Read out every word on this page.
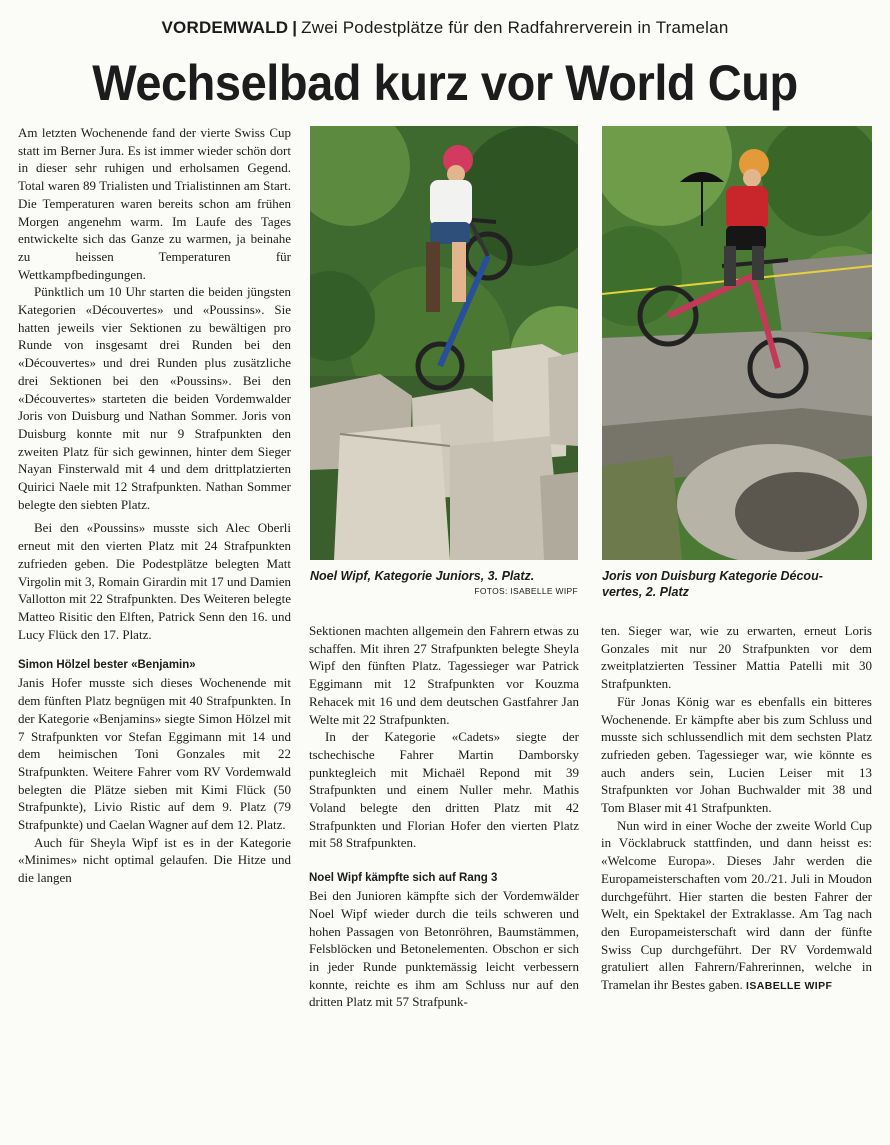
VORDEMWALD | Zwei Podestplätze für den Radfahrerverein in Tramelan
Wechselbad kurz vor World Cup
Noel Wipf, Kategorie Juniors, 3. Platz.
FOTOS: ISABELLE WIPF
Joris von Duisburg Kategorie Décou-
vertes, 2. Platz

Am letzten Wochenende fand der vierte Swiss Cup statt im Berner Jura. Es ist immer wieder schön dort in dieser sehr ruhigen und erholsamen Gegend. Total waren 89 Trialisten und Trialistinnen am Start. Die Temperaturen waren bereits schon am frühen Morgen angenehm warm. Im Laufe des Tages entwickelte sich das Ganze zu warmen, ja beinahe zu heissen Temperaturen für Wettkampfbedingungen.

Pünktlich um 10 Uhr starten die beiden jüngsten Kategorien «Découvertes» und «Poussins». Sie hatten jeweils vier Sektionen zu bewältigen pro Runde von insgesamt drei Runden bei den «Découvertes» und drei Runden plus zusätzliche drei Sektionen bei den «Poussins». Bei den «Découvertes» starteten die beiden Vordemwalder Joris von Duisburg und Nathan Sommer. Joris von Duisburg konnte mit nur 9 Strafpunkten den zweiten Platz für sich gewinnen, hinter dem Sieger Nayan Finsterwald mit 4 und dem drittplatzierten Quirici Naele mit 12 Strafpunkten. Nathan Sommer belegte den siebten Platz.

Bei den «Poussins» musste sich Alec Oberli erneut mit den vierten Platz mit 24 Strafpunkten zufrieden geben. Die Podestplätze belegten Matt Virgolin mit 3, Romain Girardin mit 17 und Damien Vallotton mit 22 Strafpunkten. Des Weiteren belegte Matteo Risitic den Elften, Patrick Senn den 16. und Lucy Flück den 17. Platz.

Simon Hölzel bester «Benjamin»

Janis Hofer musste sich dieses Wochenende mit dem fünften Platz begnügen mit 40 Strafpunkten. In der Kategorie «Benjamins» siegte Simon Hölzel mit 7 Strafpunkten vor Stefan Eggimann mit 14 und dem heimischen Toni Gonzales mit 22 Strafpunkten. Weitere Fahrer vom RV Vordemwald belegten die Plätze sieben mit Kimi Flück (50 Strafpunkte), Livio Ristic auf dem 9. Platz (79 Strafpunkte) und Caelan Wagner auf dem 12. Platz.

Auch für Sheyla Wipf ist es in der Kategorie «Minimes» nicht optimal gelaufen. Die Hitze und die langen

Sektionen machten allgemein den Fahrern etwas zu schaffen. Mit ihren 27 Strafpunkten belegte Sheyla Wipf den fünften Platz. Tagessieger war Patrick Eggimann mit 12 Strafpunkten vor Kouzma Rehacek mit 16 und dem deutschen Gastfahrer Jan Welte mit 22 Strafpunkten.

In der Kategorie «Cadets» siegte der tschechische Fahrer Martin Damborsky punktegleich mit Michaël Repond mit 39 Strafpunkten und einem Nuller mehr. Mathis Voland belegte den dritten Platz mit 42 Strafpunkten und Florian Hofer den vierten Platz mit 58 Strafpunkten.

Noel Wipf kämpfte sich auf Rang 3

Bei den Junioren kämpfte sich der Vordemwälder Noel Wipf wieder durch die teils schweren und hohen Passagen von Betonröhren, Baumstämmen, Felsblöcken und Betonelementen. Obschon er sich in jeder Runde punktemässig leicht verbessern konnte, reichte es ihm am Schluss nur auf den dritten Platz mit 57 Strafpunk-

ten. Sieger war, wie zu erwarten, erneut Loris Gonzales mit nur 20 Strafpunkten vor dem zweitplatzierten Tessiner Mattia Patelli mit 30 Strafpunkten.

Für Jonas König war es ebenfalls ein bitteres Wochenende. Er kämpfte aber bis zum Schluss und musste sich schlussendlich mit dem sechsten Platz zufrieden geben. Tagessieger war, wie könnte es auch anders sein, Lucien Leiser mit 13 Strafpunkten vor Johan Buchwalder mit 38 und Tom Blaser mit 41 Strafpunkten.

Nun wird in einer Woche der zweite World Cup in Vöcklabruck stattfinden, und dann heisst es: «Welcome Europa». Dieses Jahr werden die Europameisterschaften vom 20./21. Juli in Moudon durchgeführt. Hier starten die besten Fahrer der Welt, ein Spektakel der Extraklasse. Am Tag nach den Europameisterschaft wird dann der fünfte Swiss Cup durchgeführt. Der RV Vordemwald gratuliert allen Fahrern/Fahrerinnen, welche in Tramelan ihr Bestes gaben. ISABELLE WIPF
